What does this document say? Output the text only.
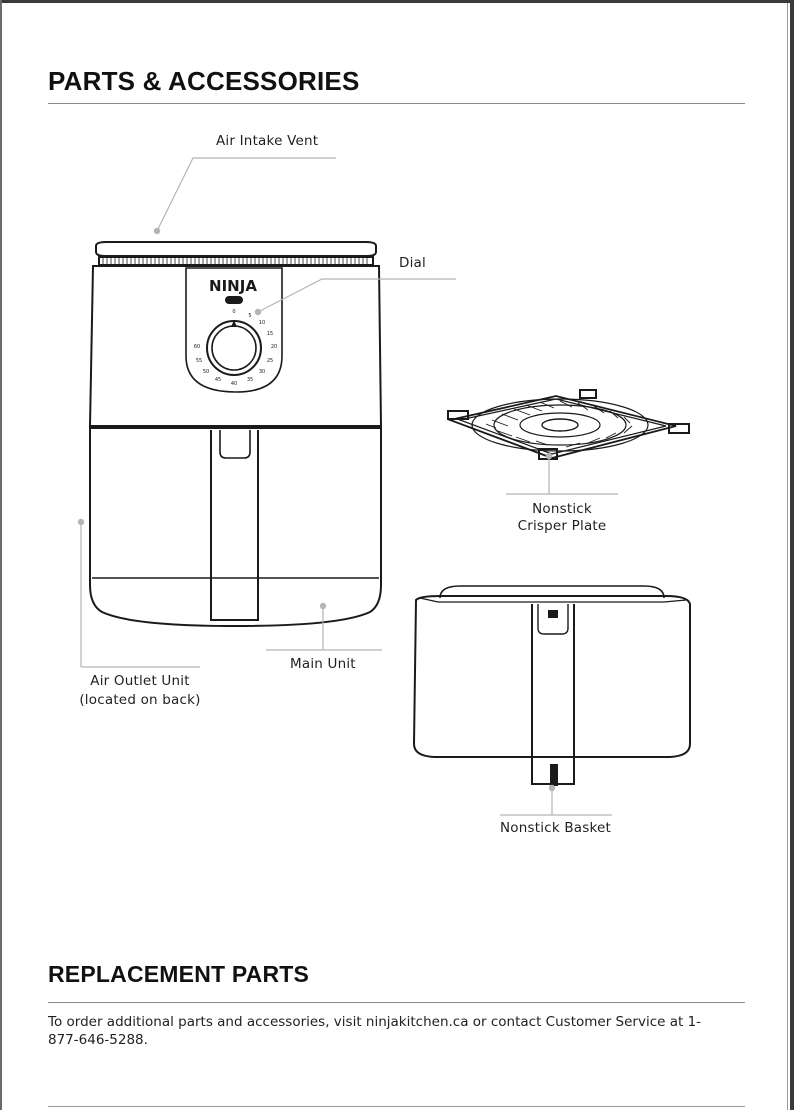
PARTS & ACCESSORIES
NINJA
0
5
10
15
20
25
30
35
40
45
50
55
60
Air Intake Vent
Dial
Nonstick
Crisper Plate
Main Unit
Air Outlet Unit
(located on back)
Nonstick Basket
REPLACEMENT PARTS

To order additional parts and accessories, visit ninjakitchen.ca or contact Customer Service at 1-877-646-5288.
